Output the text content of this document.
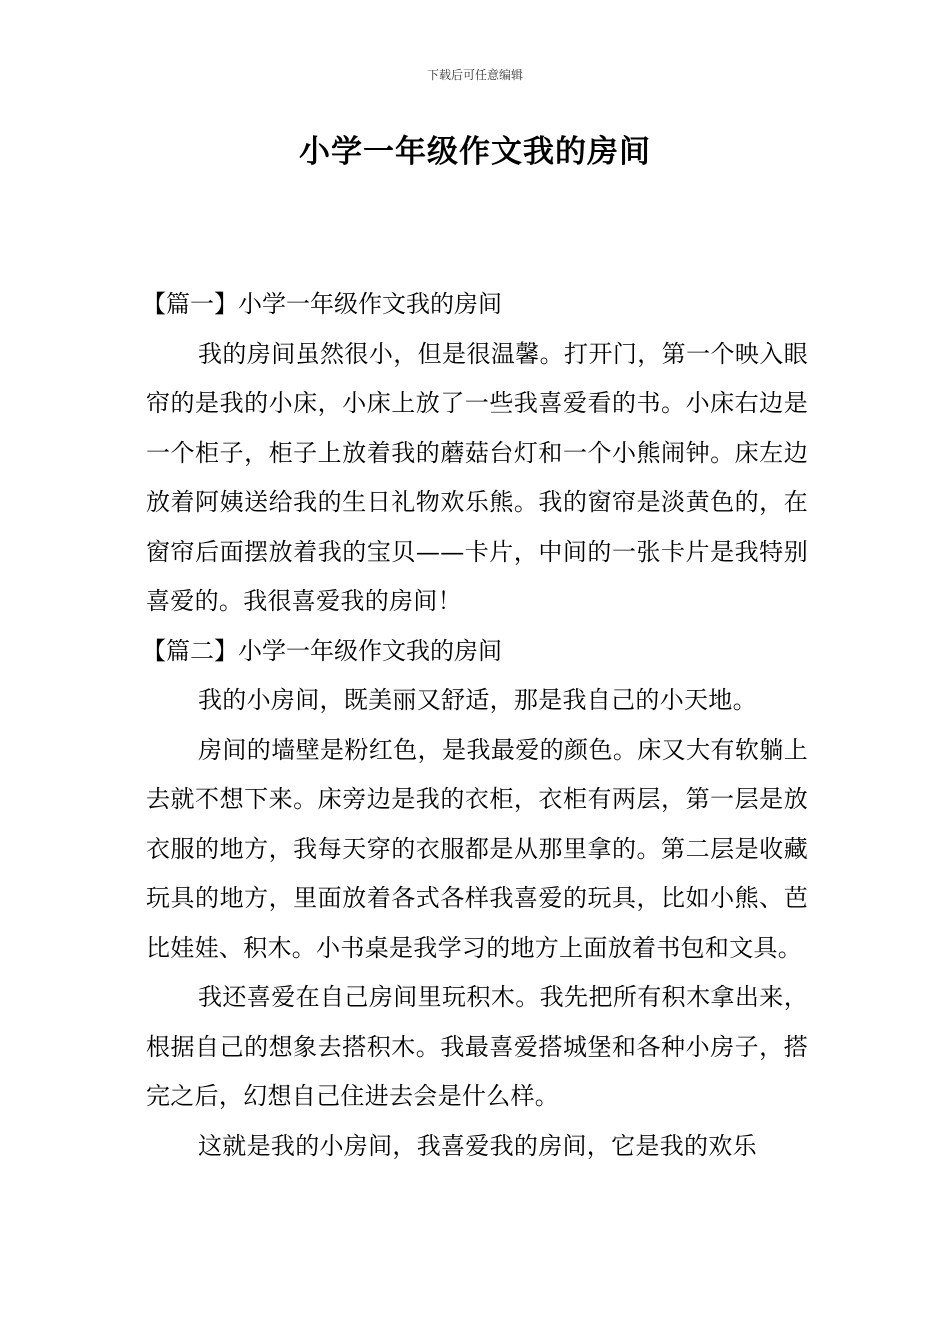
下载后可任意编辑
小学一年级作文我的房间
【篇一】小学一年级作文我的房间
我的房间虽然很小，但是很温馨。打开门，第一个映入眼帘的是我的小床，小床上放了一些我喜爱看的书。小床右边是一个柜子，柜子上放着我的蘑菇台灯和一个小熊闹钟。床左边放着阿姨送给我的生日礼物欢乐熊。我的窗帘是淡黄色的，在窗帘后面摆放着我的宝贝——卡片，中间的一张卡片是我特别喜爱的。我很喜爱我的房间！
【篇二】小学一年级作文我的房间
我的小房间，既美丽又舒适，那是我自己的小天地。
房间的墙壁是粉红色，是我最爱的颜色。床又大有软躺上去就不想下来。床旁边是我的衣柜，衣柜有两层，第一层是放衣服的地方，我每天穿的衣服都是从那里拿的。第二层是收藏玩具的地方，里面放着各式各样我喜爱的玩具，比如小熊、芭比娃娃、积木。小书桌是我学习的地方上面放着书包和文具。
我还喜爱在自己房间里玩积木。我先把所有积木拿出来，根据自己的想象去搭积木。我最喜爱搭城堡和各种小房子，搭完之后，幻想自己住进去会是什么样。
这就是我的小房间，我喜爱我的房间，它是我的欢乐
